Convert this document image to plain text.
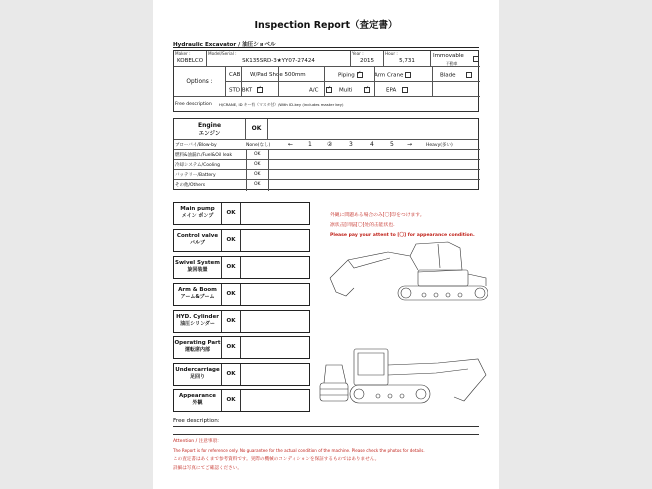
Inspection Report（査定書）
Hydraulic Excavator / 油圧ショベル
Maker :
KOBELCO
Model/Serial :
SK135SRD-3★YY07-27424
Year :
2015
Hour :
5,731
Immovable
不動車
Options :
CAB W/Pad Shoe 500mm	Piping ✓	Arm Crane	Blade
STD BKT ✓	A/C ✓	Multi ✓	EPA
Free description H/CRANE, ID キー有（マスタ付）/With ID-key (includes master key)
Engine
エンジン
OK
ブローバイ/Blow-by	None(なし)	← 1	②	3	4	5 →	Heavy(多い)
燃料&油漏れ/Fuel&Oil leak	OK
冷却システム/Cooling	OK
バッテリー/Battery	OK
その他/Others	OK
Main pump
メイン ポンプ	OK
Control valve
バルブ	OK
Swivel System
旋回装置	OK
Arm & Boom
アーム&ブーム	OK
HYD. Cylinder
油圧シリンダー	OK
Operating Part
運転席内部	OK
Undercarriage
足回り	OK
Appearance
外観	OK
外観に問題ある場合のみ[〇]印をつけます。
凛状击[凹脳[〇]处的击能状也.
Please pay your attent to [〇] for appearance condition.
Free description:
Attention / 注意事項：
The Report is for reference only. No guarantee for the actual condition of the machine. Please check the photos for details.
この査定書はあくまで参考資料です。実際の機械のコンディションを保証するものではありません。
詳細は写真にてご確認ください。
